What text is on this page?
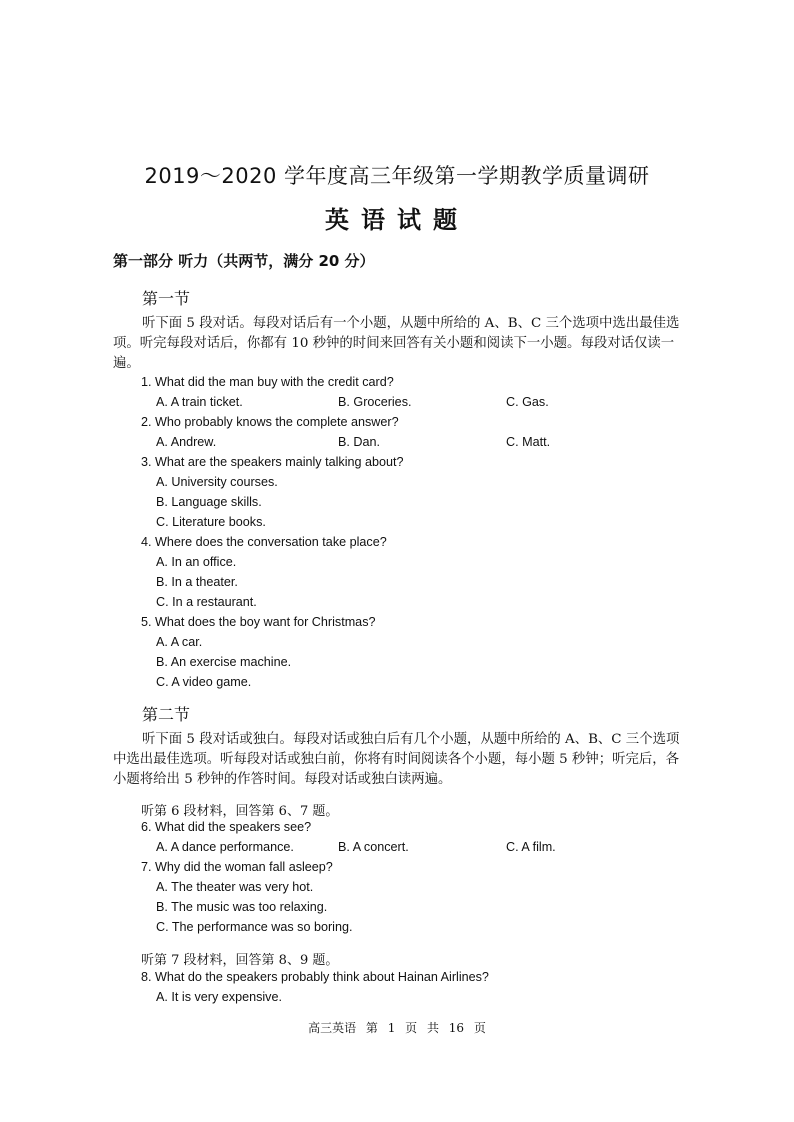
2019～2020 学年度高三年级第一学期教学质量调研
英语试题
第一部分 听力（共两节，满分 20 分）
第一节
听下面 5 段对话。每段对话后有一个小题，从题中所给的 A、B、C 三个选项中选出最佳选项。听完每段对话后，你都有 10 秒钟的时间来回答有关小题和阅读下一小题。每段对话仅读一遍。
1. What did the man buy with the credit card?
A. A train ticket.	B. Groceries.	C. Gas.
2. Who probably knows the complete answer?
A. Andrew.	B. Dan.	C. Matt.
3. What are the speakers mainly talking about?
A. University courses.
B. Language skills.
C. Literature books.
4. Where does the conversation take place?
A. In an office.
B. In a theater.
C. In a restaurant.
5. What does the boy want for Christmas?
A. A car.
B. An exercise machine.
C. A video game.
第二节
听下面 5 段对话或独白。每段对话或独白后有几个小题，从题中所给的 A、B、C 三个选项中选出最佳选项。听每段对话或独白前，你将有时间阅读各个小题，每小题 5 秒钟；听完后，各小题将给出 5 秒钟的作答时间。每段对话或独白读两遍。
听第 6 段材料，回答第 6、7 题。
6. What did the speakers see?
A. A dance performance.	B. A concert.	C. A film.
7. Why did the woman fall asleep?
A. The theater was very hot.
B. The music was too relaxing.
C. The performance was so boring.
听第 7 段材料，回答第 8、9 题。
8. What do the speakers probably think about Hainan Airlines?
A. It is very expensive.
高三英语 第 1 页 共 16 页
